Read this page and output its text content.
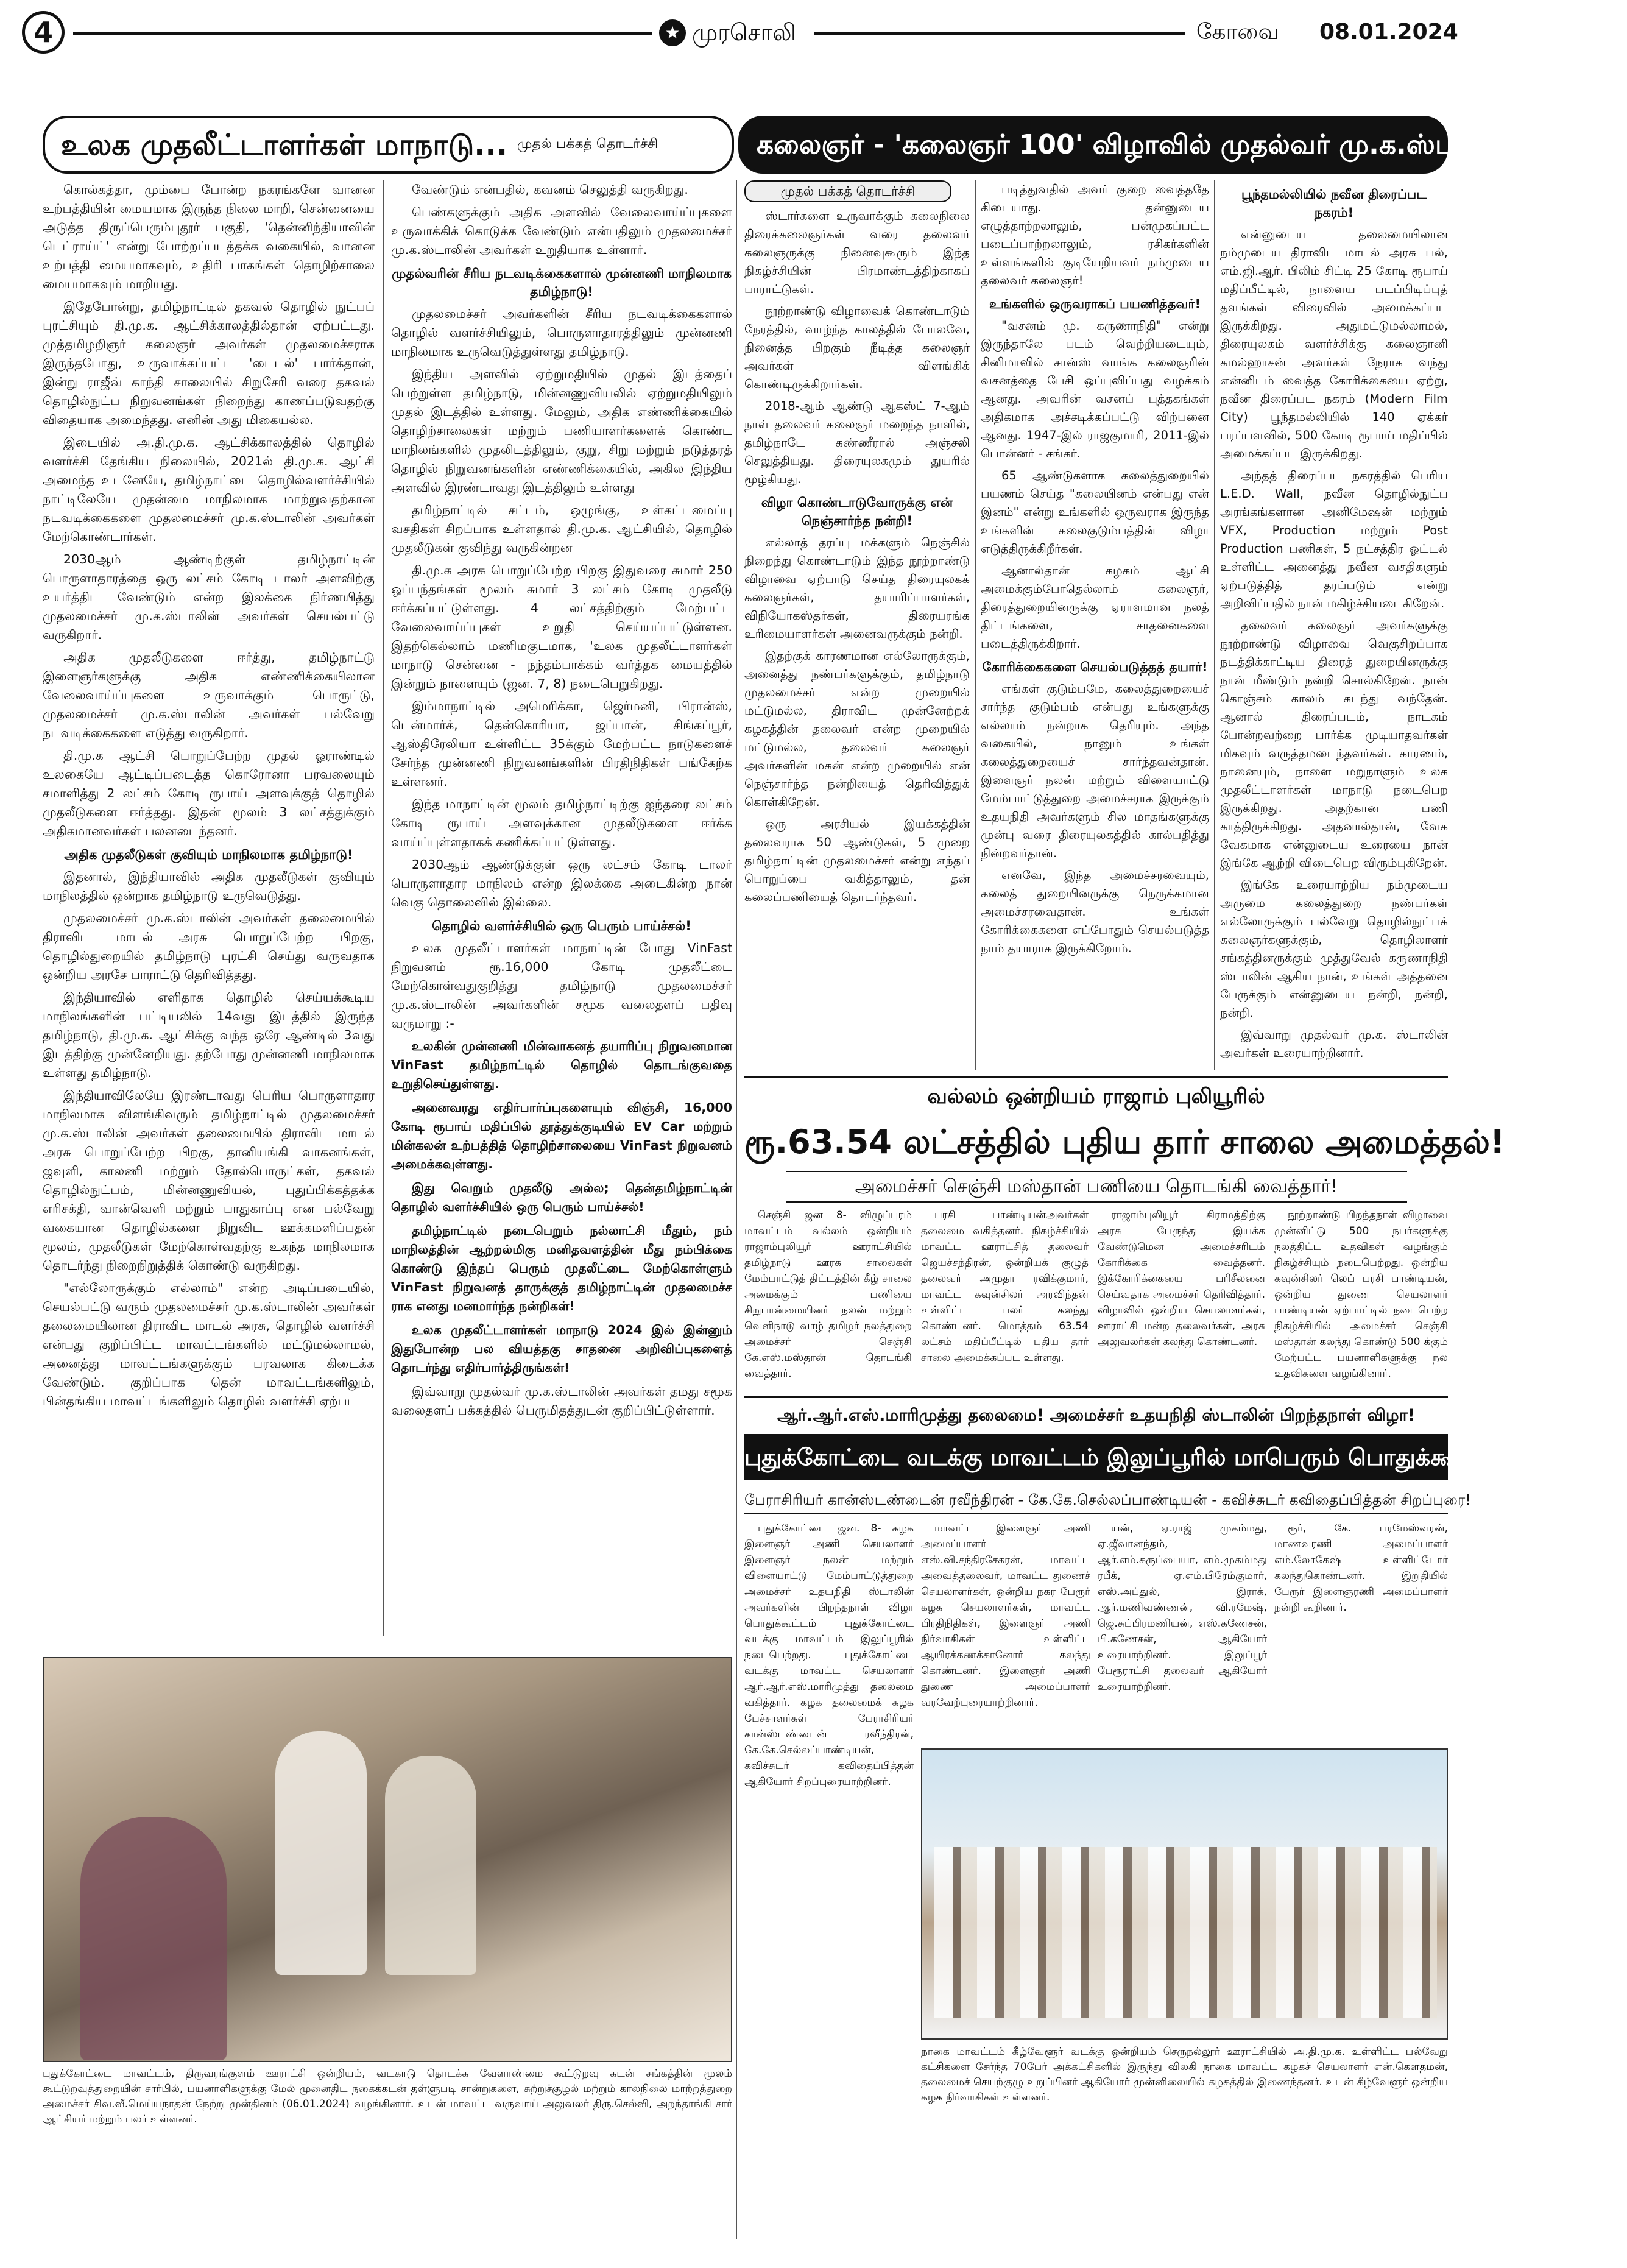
4	★ முரசொலி	கோவை 08.01.2024
உலக முதலீட்டாளர்கள் மாநாடு... முதல் பக்கத் தொடர்ச்சி	கலைஞர் - 'கலைஞர் 100' விழாவில் முதல்வர் மு.க.ஸ்டாலின் உரை...

கொல்கத்தா, மும்பை போன்ற நகரங்களே வானன உற்பத்தியின் மையமாக இருந்த நிலை மாறி, சென்னையை அடுத்த திருப்பெரும்புதூர் பகுதி, 'தென்னிந்தியாவின் டெட்ராய்ட்' என்று போற்றப்படத்தக்க வகையில், வானன உற்பத்தி மையமாகவும், உதிரி பாகங்கள் தொழிற்சாலை மையமாகவும் மாறியது.

இதேபோன்று, தமிழ்நாட்டில் தகவல் தொழில் நுட்பப் புரட்சியும் தி.மு.க. ஆட்சிக்காலத்தில்தான் ஏற்பட்டது. முத்தமிழறிஞர் கலைஞர் அவர்கள் முதலமைச்சராக இருந்தபோது, உருவாக்கப்பட்ட 'டைடல்' பார்க்தான், இன்று ராஜீவ் காந்தி சாலையில் சிறுசேரி வரை தகவல் தொழில்நுட்ப நிறுவனங்கள் நிறைந்து காணப்படுவதற்கு விதையாக அமைந்தது. எனின் அது மிகையல்ல.

இடையில் அ.தி.மு.க. ஆட்சிக்காலத்தில் தொழில் வளர்ச்சி தேங்கிய நிலையில், 2021ல் தி.மு.க. ஆட்சி அமைந்த உடனேயே, தமிழ்நாட்டை தொழில்வளர்ச்சியில் நாட்டிலேயே முதன்மை மாநிலமாக மாற்றுவதற்கான நடவடிக்கைகளை முதலமைச்சர் மு.க.ஸ்டாலின் அவர்கள் மேற்கொண்டார்கள்.

2030ஆம் ஆண்டிற்குள் தமிழ்நாட்டின் பொருளாதாரத்தை ஒரு லட்சம் கோடி டாலர் அளவிற்கு உயர்த்திட வேண்டும் என்ற இலக்கை நிர்ணயித்து முதலமைச்சர் மு.க.ஸ்டாலின் அவர்கள் செயல்பட்டு வருகிறார்.

அதிக முதலீடுகளை ஈர்த்து, தமிழ்நாட்டு இளைஞர்களுக்கு அதிக எண்ணிக்கையிலான வேலைவாய்ப்புகளை உருவாக்கும் பொருட்டு, முதலமைச்சர் மு.க.ஸ்டாலின் அவர்கள் பல்வேறு நடவடிக்கைகளை எடுத்து வருகிறார்.

தி.மு.க ஆட்சி பொறுப்பேற்ற முதல் ஓராண்டில் உலகையே ஆட்டிப்படைத்த கொரோனா பரவலையும் சமாளித்து 2 லட்சம் கோடி ரூபாய் அளவுக்குத் தொழில் முதலீடுகளை ஈர்த்தது. இதன் மூலம் 3 லட்சத்துக்கும் அதிகமானவர்கள் பலனடைந்தனர்.

அதிக முதலீடுகள் குவியும் மாநிலமாக தமிழ்நாடு!

இதனால், இந்தியாவில் அதிக முதலீடுகள் குவியும் மாநிலத்தில் ஒன்றாக தமிழ்நாடு உருவெடுத்து.

முதலமைச்சர் மு.க.ஸ்டாலின் அவர்கள் தலைமையில் திராவிட மாடல் அரசு பொறுப்பேற்ற பிறகு, தொழில்துறையில் தமிழ்நாடு புரட்சி செய்து வருவதாக ஒன்றிய அரசே பாராட்டு தெரிவித்தது.

இந்தியாவில் எளிதாக தொழில் செய்யக்கூடிய மாநிலங்களின் பட்டியலில் 14வது இடத்தில் இருந்த தமிழ்நாடு, தி.மு.க. ஆட்சிக்கு வந்த ஒரே ஆண்டில் 3வது இடத்திற்கு முன்னேறியது. தற்போது முன்னணி மாநிலமாக உள்ளது தமிழ்நாடு.

இந்தியாவிலேயே இரண்டாவது பெரிய பொருளாதார மாநிலமாக விளங்கிவரும் தமிழ்நாட்டில் முதலமைச்சர் மு.க.ஸ்டாலின் அவர்கள் தலைமையில் திராவிட மாடல் அரசு பொறுப்பேற்ற பிறகு, தானியங்கி வாகனங்கள், ஜவுளி, காலணி மற்றும் தோல்பொருட்கள், தகவல் தொழில்நுட்பம், மின்னணுவியல், புதுப்பிக்கத்தக்க எரிசக்தி, வான்வெளி மற்றும் பாதுகாப்பு என பல்வேறு வகையான தொழில்களை நிறுவிட ஊக்கமளிப்பதன் மூலம், முதலீடுகள் மேற்கொள்வதற்கு உகந்த மாநிலமாக தொடர்ந்து நிறைநிறுத்திக் கொண்டு வருகிறது.

"எல்லோருக்கும் எல்லாம்" என்ற அடிப்படையில், செயல்பட்டு வரும் முதலமைச்சர் மு.க.ஸ்டாலின் அவர்கள் தலைமையிலான திராவிட மாடல் அரசு, தொழில் வளர்ச்சி என்பது குறிப்பிட்ட மாவட்டங்களில் மட்டுமல்லாமல், அனைத்து மாவட்டங்களுக்கும் பரவலாக கிடைக்க வேண்டும். குறிப்பாக தென் மாவட்டங்களிலும், பின்தங்கிய மாவட்டங்களிலும் தொழில் வளர்ச்சி ஏற்பட

வேண்டும் என்பதில், கவனம் செலுத்தி வருகிறது.

பெண்களுக்கும் அதிக அளவில் வேலைவாய்ப்புகளை உருவாக்கிக் கொடுக்க வேண்டும் என்பதிலும் முதலமைச்சர் மு.க.ஸ்டாலின் அவர்கள் உறுதியாக உள்ளார்.

முதல்வரின் சீரிய நடவடிக்கைகளால் முன்னணி மாநிலமாக தமிழ்நாடு!

முதலமைச்சர் அவர்களின் சீரிய நடவடிக்கைகளால் தொழில் வளர்ச்சியிலும், பொருளாதாரத்திலும் முன்னணி மாநிலமாக உருவெடுத்துள்ளது தமிழ்நாடு.

இந்திய அளவில் ஏற்றுமதியில் முதல் இடத்தைப் பெற்றுள்ள தமிழ்நாடு, மின்னணுவியலில் ஏற்றுமதியிலும் முதல் இடத்தில் உள்ளது. மேலும், அதிக எண்ணிக்கையில் தொழிற்சாலைகள் மற்றும் பணியாளர்களைக் கொண்ட மாநிலங்களில் முதலிடத்திலும், குறு, சிறு மற்றும் நடுத்தரத் தொழில் நிறுவனங்களின் எண்ணிக்கையில், அகில இந்திய அளவில் இரண்டாவது இடத்திலும் உள்ளது

தமிழ்நாட்டில் சட்டம், ஒழுங்கு, உள்கட்டமைப்பு வசதிகள் சிறப்பாக உள்ளதால் தி.மு.க. ஆட்சியில், தொழில் முதலீடுகள் குவிந்து வருகின்றன

தி.மு.க அரசு பொறுப்பேற்ற பிறகு இதுவரை சுமார் 250 ஒப்பந்தங்கள் மூலம் சுமார் 3 லட்சம் கோடி முதலீடு ஈர்க்கப்பட்டுள்ளது. 4 லட்சத்திற்கும் மேற்பட்ட வேலைவாய்ப்புகள் உறுதி செய்யப்பட்டுள்ளன. இதற்கெல்லாம் மணிமகுடமாக, 'உலக முதலீட்டாளர்கள் மாநாடு சென்னை - நந்தம்பாக்கம் வர்த்தக மையத்தில் இன்றும் நாளையும் (ஜன. 7, 8) நடைபெறுகிறது.

இம்மாநாட்டில் அமெரிக்கா, ஜெர்மனி, பிரான்ஸ், டென்மார்க், தென்கொரியா, ஜப்பான், சிங்கப்பூர், ஆஸ்திரேலியா உள்ளிட்ட 35க்கும் மேற்பட்ட நாடுகளைச் சேர்ந்த முன்னணி நிறுவனங்களின் பிரதிநிதிகள் பங்கேற்க உள்ளனர்.

இந்த மாநாட்டின் மூலம் தமிழ்நாட்டிற்கு ஐந்தரை லட்சம் கோடி ரூபாய் அளவுக்கான முதலீடுகளை ஈர்க்க வாய்ப்புள்ளதாகக் கணிக்கப்பட்டுள்ளது.

2030ஆம் ஆண்டுக்குள் ஒரு லட்சம் கோடி டாலர் பொருளாதார மாநிலம் என்ற இலக்கை அடைகின்ற நான் வெகு தொலைவில் இல்லை.

தொழில் வளர்ச்சியில் ஒரு பெரும் பாய்ச்சல்!

உலக முதலீட்டாளர்கள் மாநாட்டின் போது VinFast நிறுவனம் ரூ.16,000 கோடி முதலீட்டை மேற்கொள்வதுகுறித்து தமிழ்நாடு முதலமைச்சர் மு.க.ஸ்டாலின் அவர்களின் சமூக வலைதளப் பதிவு வருமாறு :-

உலகின் முன்னணி மின்வாகனத் தயாரிப்பு நிறுவனமான VinFast தமிழ்நாட்டில் தொழில் தொடங்குவதை உறுதிசெய்துள்ளது.

அனைவரது எதிர்பார்ப்புகளையும் விஞ்சி, 16,000 கோடி ரூபாய் மதிப்பில் தூத்துக்குடியில் EV Car மற்றும் மின்கலன் உற்பத்தித் தொழிற்சாலையை VinFast நிறுவனம் அமைக்கவுள்ளது.

இது வெறும் முதலீடு அல்ல; தென்தமிழ்நாட்டின் தொழில் வளர்ச்சியில் ஒரு பெரும் பாய்ச்சல்!

தமிழ்நாட்டில் நடைபெறும் நல்லாட்சி மீதும், நம் மாநிலத்தின் ஆற்றல்மிகு மனிதவளத்தின் மீது நம்பிக்கை கொண்டு இந்தப் பெரும் முதலீட்டை மேற்கொள்ளும் VinFast நிறுவனத் தாருக்குத் தமிழ்நாட்டின் முதலமைச்ச ராக எனது மனமார்ந்த நன்றிகள்!

உலக முதலீட்டாளர்கள் மாநாடு 2024 இல் இன்னும் இதுபோன்ற பல வியத்தகு சாதனை அறிவிப்புகளைத் தொடர்ந்து எதிர்பார்த்திருங்கள்!

இவ்வாறு முதல்வர் மு.க.ஸ்டாலின் அவர்கள் தமது சமூக வலைதளப் பக்கத்தில் பெருமிதத்துடன் குறிப்பிட்டுள்ளார்.

முதல் பக்கத் தொடர்ச்சி

ஸ்டார்களை உருவாக்கும் கலைநிலை திரைக்கலைஞர்கள் வரை தலைவர் கலைஞருக்கு நினைவுகூரும் இந்த நிகழ்ச்சியின் பிரமாண்டத்திற்காகப் பாராட்டுகள்.

நூற்றாண்டு விழாவைக் கொண்டாடும் நேரத்தில், வாழ்ந்த காலத்தில் போலவே, நினைத்த பிறகும் நீடித்த கலைஞர் அவர்கள் விளங்கிக் கொண்டிருக்கிறார்கள்.

2018-ஆம் ஆண்டு ஆகஸ்ட் 7-ஆம் நாள் தலைவர் கலைஞர் மறைந்த நாளில், தமிழ்நாடே கண்ணீரால் அஞ்சலி செலுத்தியது. திரையுலகமும் துயரில் மூழ்கியது.

விழா கொண்டாடுவோருக்கு என் நெஞ்சார்ந்த நன்றி!

எல்லாத் தரப்பு மக்களும் நெஞ்சில் நிறைந்து கொண்டாடும் இந்த நூற்றாண்டு விழாவை ஏற்பாடு செய்த திரையுலகக் கலைஞர்கள், தயாரிப்பாளர்கள், விநியோகஸ்தர்கள், திரையரங்க உரிமையாளர்கள் அனைவருக்கும் நன்றி.

இதற்குக் காரணமான எல்லோருக்கும், அனைத்து நண்பர்களுக்கும், தமிழ்நாடு முதலமைச்சர் என்ற முறையில் மட்டுமல்ல, திராவிட முன்னேற்றக் கழகத்தின் தலைவர் என்ற முறையில் மட்டுமல்ல, தலைவர் கலைஞர் அவர்களின் மகன் என்ற முறையில் என் நெஞ்சார்ந்த நன்றியைத் தெரிவித்துக் கொள்கிறேன்.

ஒரு அரசியல் இயக்கத்தின் தலைவராக 50 ஆண்டுகள், 5 முறை தமிழ்நாட்டின் முதலமைச்சர் என்று எந்தப் பொறுப்பை வகித்தாலும், தன் கலைப்பணியைத் தொடர்ந்தவர்.

படித்துவதில் அவர் குறை வைத்ததே கிடையாது. தன்னுடைய எழுத்தாற்றலாலும், பன்முகப்பட்ட படைப்பாற்றலாலும், ரசிகர்களின் உள்ளங்களில் குடியேறியவர் நம்முடைய தலைவர் கலைஞர்!

உங்களில் ஒருவராகப் பயணித்தவர்!

"வசனம் மு. கருணாநிதி" என்று இருந்தாலே படம் வெற்றியடையும், சினிமாவில் சான்ஸ் வாங்க கலைஞரின் வசனத்தை பேசி ஒப்புவிப்பது வழக்கம் ஆனது. அவரின் வசனப் புத்தகங்கள் அதிகமாக அச்சடிக்கப்பட்டு விற்பனை ஆனது. 1947-இல் ராஜகுமாரி, 2011-இல் பொன்னர் - சங்கர்.

65 ஆண்டுகளாக கலைத்துறையில் பயணம் செய்த "கலையினம் என்பது என் இனம்" என்று உங்களில் ஒருவராக இருந்த உங்களின் கலைகுடும்பத்தின் விழா எடுத்திருக்கிறீர்கள்.

ஆனால்தான் கழகம் ஆட்சி அமைக்கும்போதெல்லாம் கலைஞர், திரைத்துறையினருக்கு ஏராளமான நலத் திட்டங்களை, சாதனைகளை படைத்திருக்கிறார்.

கோரிக்கைகளை செயல்படுத்தத் தயார்!

எங்கள் குடும்பமே, கலைத்துறையைச் சார்ந்த குடும்பம் என்பது உங்களுக்கு எல்லாம் நன்றாக தெரியும். அந்த வகையில், நானும் உங்கள் கலைத்துறையைச் சார்ந்தவன்தான். இளைஞர் நலன் மற்றும் விளையாட்டு மேம்பாட்டுத்துறை அமைச்சராக இருக்கும் உதயநிதி அவர்களும் சில மாதங்களுக்கு முன்பு வரை திரையுலகத்தில் கால்பதித்து நின்றவர்தான்.

எனவே, இந்த அமைச்சரவையும், கலைத் துறையினருக்கு நெருக்கமான அமைச்சரவைதான். உங்கள் கோரிக்கைகளை எப்போதும் செயல்படுத்த நாம் தயாராக இருக்கிறோம்.

பூந்தமல்லியில் நவீன திரைப்பட நகரம்!

என்னுடைய தலைமையிலான நம்முடைய திராவிட மாடல் அரசு பல், எம்.ஜி.ஆர். பிலிம் சிட்டி 25 கோடி ரூபாய் மதிப்பீட்டில், நாளைய படப்பிடிப்புத் தளங்கள் விரைவில் அமைக்கப்பட இருக்கிறது. அதுமட்டுமல்லாமல், திரையுலகம் வளர்ச்சிக்கு கலைஞானி கமல்ஹாசன் அவர்கள் நேராக வந்து என்னிடம் வைத்த கோரிக்கையை ஏற்று, நவீன திரைப்பட நகரம் (Modern Film City) பூந்தமல்லியில் 140 ஏக்கர் பரப்பளவில், 500 கோடி ரூபாய் மதிப்பில் அமைக்கப்பட இருக்கிறது.

அந்தத் திரைப்பட நகரத்தில் பெரிய L.E.D. Wall, நவீன தொழில்நுட்ப அரங்கங்களான அனிமேஷன் மற்றும் VFX, Production மற்றும் Post Production பணிகள், 5 நட்சத்திர ஓட்டல் உள்ளிட்ட அனைத்து நவீன வசதிகளும் ஏற்படுத்தித் தரப்படும் என்று அறிவிப்பதில் நான் மகிழ்ச்சியடைகிறேன்.

தலைவர் கலைஞர் அவர்களுக்கு நூற்றாண்டு விழாவை வெகுசிறப்பாக நடத்திக்காட்டிய திரைத் துறையினருக்கு நான் மீண்டும் நன்றி சொல்கிறேன். நான் கொஞ்சம் காலம் கடந்து வந்தேன். ஆனால் திரைப்படம், நாடகம் போன்றவற்றை பார்க்க முடியாதவர்கள் மிகவும் வருத்தமடைந்தவர்கள். காரணம், நானையும், நாளை மறுநாளும் உலக முதலீட்டாளர்கள் மாநாடு நடைபெற இருக்கிறது. அதற்கான பணி காத்திருக்கிறது. அதனால்தான், வேக வேகமாக என்னுடைய உரையை நான் இங்கே ஆற்றி விடைபெற விரும்புகிறேன்.

இங்கே உரையாற்றிய நம்முடைய அருமை கலைத்துறை நண்பர்கள் எல்லோருக்கும் பல்வேறு தொழில்நுட்பக் கலைஞர்களுக்கும், தொழிலாளர் சங்கத்தினருக்கும் முத்துவேல் கருணாநிதி ஸ்டாலின் ஆகிய நான், உங்கள் அத்தனை பேருக்கும் என்னுடைய நன்றி, நன்றி, நன்றி.

இவ்வாறு முதல்வர் மு.க. ஸ்டாலின் அவர்கள் உரையாற்றினார்.

வல்லம் ஒன்றியம் ராஜாம் புலியூரில்
ரூ.63.54 லட்சத்தில் புதிய தார் சாலை அமைத்தல்!
அமைச்சர் செஞ்சி மஸ்தான் பணியை தொடங்கி வைத்தார்!

செஞ்சி ஜன 8- விழுப்புரம் மாவட்டம் வல்லம் ஒன்றியம் ராஜாம்புலியூர் ஊராட்சியில் தமிழ்நாடு ஊரக சாலைகள் மேம்பாட்டுத் திட்டத்தின் கீழ் சாலை அமைக்கும் பணியை சிறுபான்மையினர் நலன் மற்றும் வெளிநாடு வாழ் தமிழர் நலத்துறை அமைச்சர் செஞ்சி கே.எஸ்.மஸ்தான் தொடங்கி வைத்தார்.

பரசி பாண்டியன்அவர்கள் தலைமை வகித்தனர். நிகழ்ச்சியில் மாவட்ட ஊராட்சித் தலைவர் ஜெயச்சந்திரன், ஒன்றியக் குழுத் தலைவர் அமுதா ரவிக்குமார், மாவட்ட கவுன்சிலர் அரவிந்தன் உள்ளிட்ட பலர் கலந்து கொண்டனர். மொத்தம் 63.54 லட்சம் மதிப்பீட்டில் புதிய தார் சாலை அமைக்கப்பட உள்ளது.

ராஜாம்புலியூர் கிராமத்திற்கு அரசு பேருந்து இயக்க வேண்டுமென அமைச்சரிடம் கோரிக்கை வைத்தனர். இக்கோரிக்கையை பரிசீலனை செய்வதாக அமைச்சர் தெரிவித்தார். விழாவில் ஒன்றிய செயலாளர்கள், ஊராட்சி மன்ற தலைவர்கள், அரசு அலுவலர்கள் கலந்து கொண்டனர்.

நூற்றாண்டு பிறந்தநாள் விழாவை முன்னிட்டு 500 நபர்களுக்கு நலத்திட்ட உதவிகள் வழங்கும் நிகழ்ச்சியும் நடைபெற்றது. ஒன்றிய கவுன்சிலர் லெப் பரசி பாண்டியன், ஒன்றிய துணை செயலாளர் பாண்டியன் ஏற்பாட்டில் நடைபெற்ற நிகழ்ச்சியில் அமைச்சர் செஞ்சி மஸ்தான் கலந்து கொண்டு 500 க்கும் மேற்பட்ட பயனாளிகளுக்கு நல உதவிகளை வழங்கினார்.

ஆர்.ஆர்.எஸ்.மாரிமுத்து தலைமை! அமைச்சர் உதயநிதி ஸ்டாலின் பிறந்தநாள் விழா!
புதுக்கோட்டை வடக்கு மாவட்டம் இலுப்பூரில் மாபெரும் பொதுக்கூட்டம்!
பேராசிரியர் கான்ஸ்டண்டைன் ரவீந்திரன் - கே.கே.செல்லப்பாண்டியன் - கவிச்சுடர் கவிதைப்பித்தன் சிறப்புரை!

புதுக்கோட்டை ஜன. 8- கழக இளைஞர் அணி செயலாளர் இளைஞர் நலன் மற்றும் விளையாட்டு மேம்பாட்டுத்துறை அமைச்சர் உதயநிதி ஸ்டாலின் அவர்களின் பிறந்தநாள் விழா பொதுக்கூட்டம் புதுக்கோட்டை வடக்கு மாவட்டம் இலுப்பூரில் நடைபெற்றது. புதுக்கோட்டை வடக்கு மாவட்ட செயலாளர் ஆர்.ஆர்.எஸ்.மாரிமுத்து தலைமை வகித்தார். கழக தலைமைக் கழக பேச்சாளர்கள் பேராசிரியர் கான்ஸ்டண்டைன் ரவீந்திரன், கே.கே.செல்லப்பாண்டியன், கவிச்சுடர் கவிதைப்பித்தன் ஆகியோர் சிறப்புரையாற்றினர்.

மாவட்ட இளைஞர் அணி அமைப்பாளர் எஸ்.வி.சந்திரசேகரன், மாவட்ட அவைத்தலைவர், மாவட்ட துணைச் செயலாளர்கள், ஒன்றிய நகர பேரூர் கழக செயலாளர்கள், மாவட்ட பிரதிநிதிகள், இளைஞர் அணி நிர்வாகிகள் உள்ளிட்ட ஆயிரக்கணக்கானோர் கலந்து கொண்டனர். இளைஞர் அணி துணை அமைப்பாளர் வரவேற்புரையாற்றினார்.

யன், ஏ.ராஜ் முகம்மது, ஏ.ஜீவானந்தம், ஆர்.எம்.கருப்பையா, எம்.முகம்மது ரபீக், ஏ.எம்.பிரேம்குமார், எஸ்.அப்துல், இராக், ஆர்.மணிவண்ணன், வி.ரமேஷ், ஜெ.சுப்பிரமணியன், எஸ்.கணேசன், பி.கணேசன், ஆகியோர் உரையாற்றினர். இலுப்பூர் பேரூராட்சி தலைவர் ஆகியோர் உரையாற்றினர்.

ரூர், கே. பரமேஸ்வரன், மாணவரணி அமைப்பாளர் எம்.லோகேஷ் உள்ளிட்டோர் கலந்துகொண்டனர். இறுதியில் பேரூர் இளைஞரணி அமைப்பாளர் நன்றி கூறினார்.

புதுக்கோட்டை மாவட்டம், திருவரங்குளம் ஊராட்சி ஒன்றியம், வடகாடு தொடக்க வேளாண்மை கூட்டுறவு கடன் சங்கத்தின் மூலம் கூட்டுறவுத்துறையின் சார்பில், பயனாளிகளுக்கு மேல் முனைதிட நகைக்கடன் தள்ளுபடி சான்றுகளை, சுற்றுச்சூழல் மற்றும் காலநிலை மாற்றத்துறை அமைச்சர் சிவ.வீ.மெய்யநாதன் நேற்று முன்தினம் (06.01.2024) வழங்கினார். உடன் மாவட்ட வருவாய் அலுவலர் திரு.செல்வி, அறந்தாங்கி சார் ஆட்சியர் மற்றும் பலர் உள்ளனர்.
நாகை மாவட்டம் கீழ்வேளூர் வடக்கு ஒன்றியம் செருநல்லூர் ஊராட்சியில் அ.தி.மு.க. உள்ளிட்ட பல்வேறு கட்சிகளை சேர்ந்த 70பேர் அக்கட்சிகளில் இருந்து விலகி நாகை மாவட்ட கழகச் செயலாளர் என்.கௌதமன், தலைமைச் செயற்குழு உறுப்பினர் ஆகியோர் முன்னிலையில் கழகத்தில் இணைந்தனர். உடன் கீழ்வேளூர் ஒன்றிய கழக நிர்வாகிகள் உள்ளனர்.
